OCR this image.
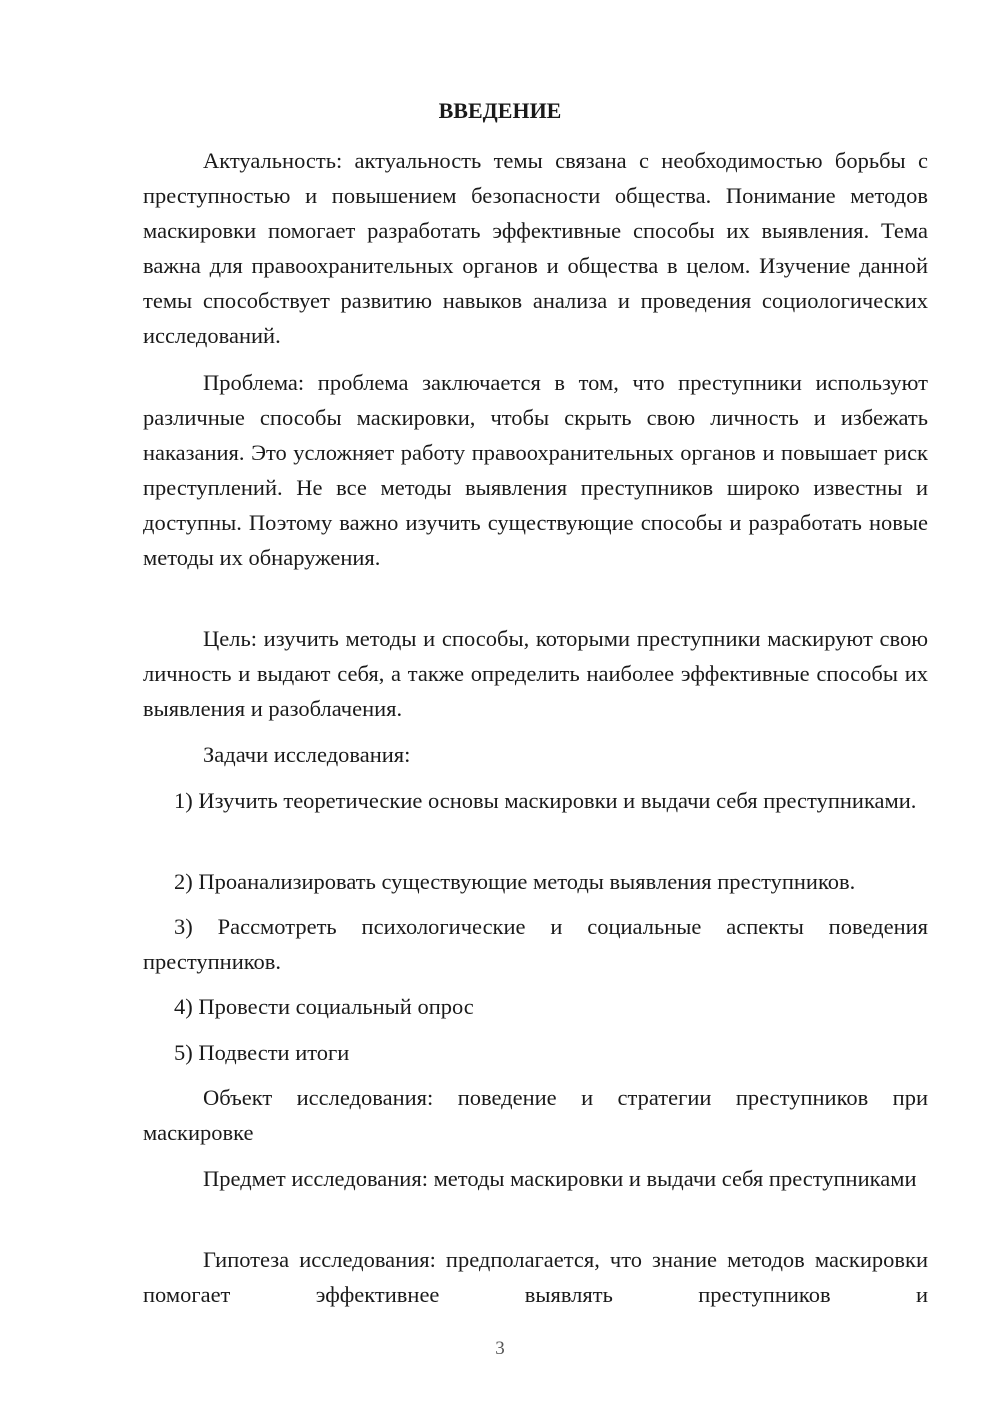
ВВЕДЕНИЕ

Актуальность: актуальность темы связана с необходимостью борьбы с преступностью и повышением безопасности общества. Понимание методов маскировки помогает разработать эффективные способы их выявления. Тема важна для правоохранительных органов и общества в целом. Изучение данной темы способствует развитию навыков анализа и проведения социологических исследований.

Проблема: проблема заключается в том, что преступники используют различные способы маскировки, чтобы скрыть свою личность и избежать наказания. Это усложняет работу правоохранительных органов и повышает риск преступлений. Не все методы выявления преступников широко известны и доступны. Поэтому важно изучить существующие способы и разработать новые методы их обнаружения.

Цель: изучить методы и способы, которыми преступники маскируют свою личность и выдают себя, а также определить наиболее эффективные способы их выявления и разоблачения.

Задачи исследования:

1) Изучить теоретические основы маскировки и выдачи себя преступниками.

2) Проанализировать существующие методы выявления преступников.

3) Рассмотреть психологические и социальные аспекты поведения преступников.

4) Провести социальный опрос

5) Подвести итоги

Объект исследования: поведение и стратегии преступников при маскировке

Предмет исследования: методы маскировки и выдачи себя преступниками

Гипотеза исследования: предполагается, что знание методов маскировки помогает эффективнее выявлять преступников и

3
